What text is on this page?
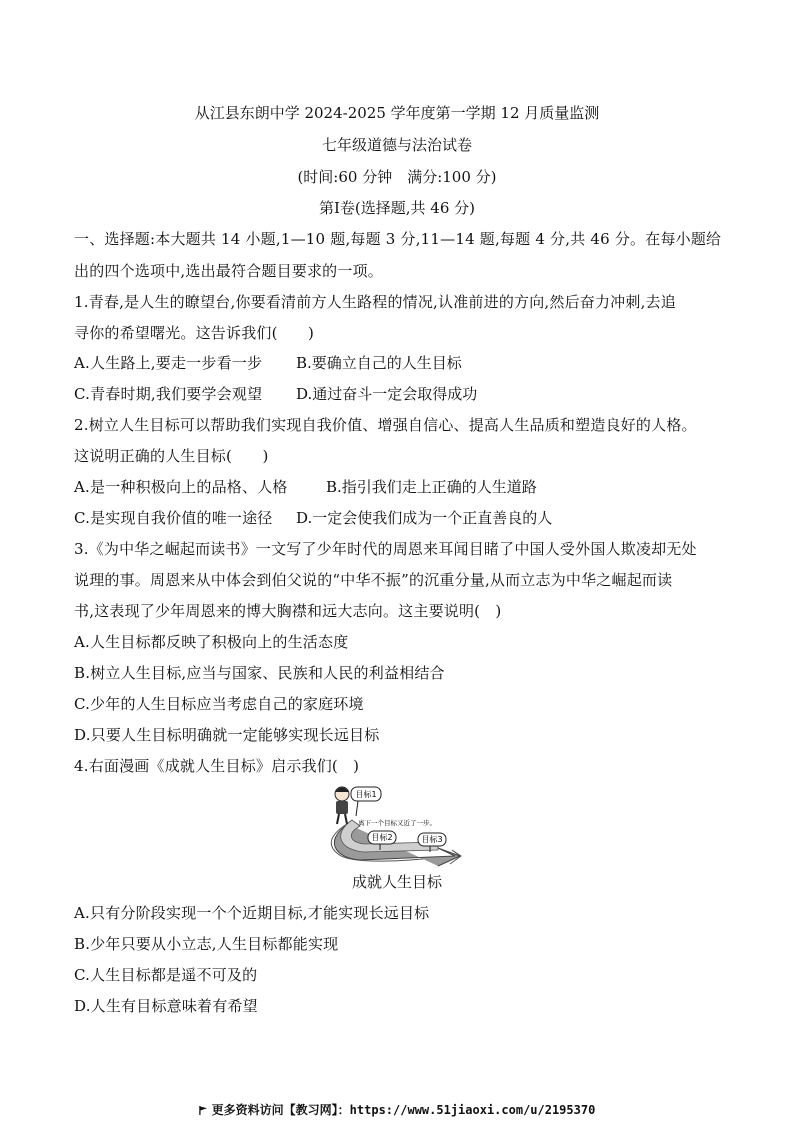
从江县东朗中学 2024-2025 学年度第一学期 12 月质量监测
七年级道德与法治试卷
(时间:60 分钟　满分:100 分)
第Ⅰ卷(选择题,共 46 分)
一、选择题:本大题共 14 小题,1—10 题,每题 3 分,11—14 题,每题 4 分,共 46 分。在每小题给
出的四个选项中,选出最符合题目要求的一项。
1.青春,是人生的瞭望台,你要看清前方人生路程的情况,认准前进的方向,然后奋力冲刺,去追
寻你的希望曙光。这告诉我们(　　)
A.人生路上,要走一步看一步 B.要确立自己的人生目标
C.青春时期,我们要学会观望 D.通过奋斗一定会取得成功
2.树立人生目标可以帮助我们实现自我价值、增强自信心、提高人生品质和塑造良好的人格。
这说明正确的人生目标(　　)
A.是一种积极向上的品格、人格	B.指引我们走上正确的人生道路
C.是实现自我价值的唯一途径 D.一定会使我们成为一个正直善良的人
3.《为中华之崛起而读书》一文写了少年时代的周恩来耳闻目睹了中国人受外国人欺凌却无处
说理的事。周恩来从中体会到伯父说的“中华不振”的沉重分量,从而立志为中华之崛起而读
书,这表现了少年周恩来的博大胸襟和远大志向。这主要说明(　)
A.人生目标都反映了积极向上的生活态度
B.树立人生目标,应当与国家、民族和人民的利益相结合
C.少年的人生目标应当考虑自己的家庭环境
D.只要人生目标明确就一定能够实现长远目标
4.右面漫画《成就人生目标》启示我们(　)
目标1
目标2	目标3
离下一个目标又近了一步。
成就人生目标
A.只有分阶段实现一个个近期目标,才能实现长远目标
B.少年只要从小立志,人生目标都能实现
C.人生目标都是遥不可及的
D.人生有目标意味着有希望
更多资料访问【教习网】：https://www.51jiaoxi.com/u/2195370
